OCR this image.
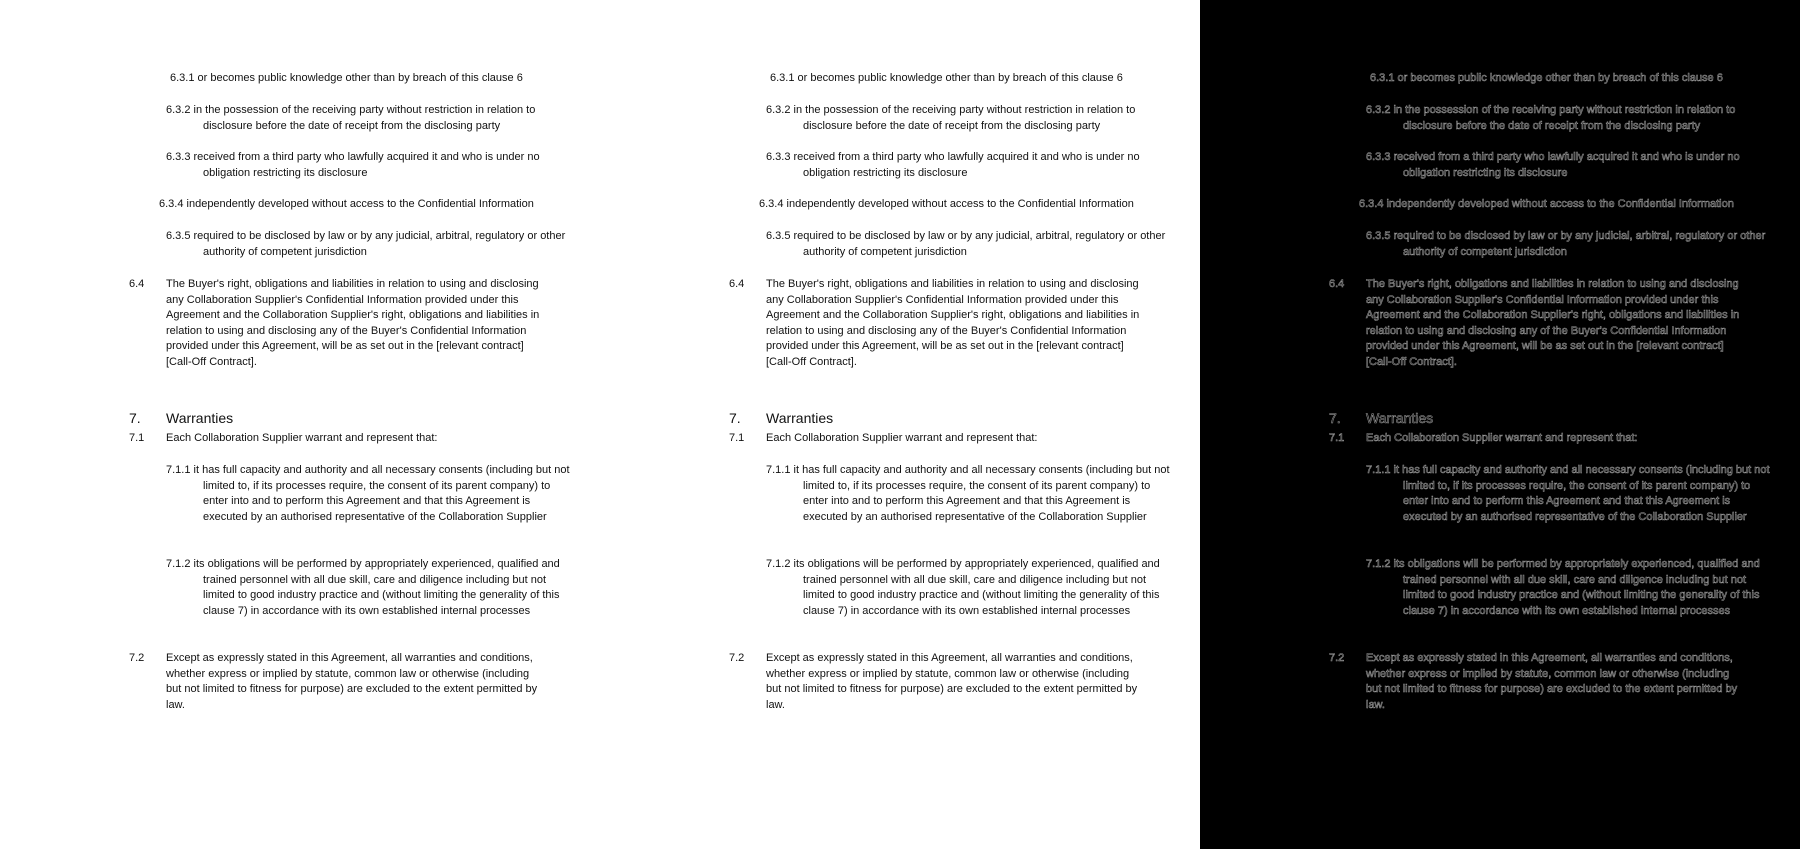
6.3.1 or becomes public knowledge other than by breach of this clause 6
6.3.2 in the possession of the receiving party without restriction in relation to disclosure before the date of receipt from the disclosing party
6.3.3 received from a third party who lawfully acquired it and who is under no obligation restricting its disclosure
6.3.4 independently developed without access to the Confidential Information
6.3.5 required to be disclosed by law or by any judicial, arbitral, regulatory or other authority of competent jurisdiction
6.4 The Buyer's right, obligations and liabilities in relation to using and disclosing any Collaboration Supplier's Confidential Information provided under this Agreement and the Collaboration Supplier's right, obligations and liabilities in relation to using and disclosing any of the Buyer's Confidential Information provided under this Agreement, will be as set out in the [relevant contract] [Call-Off Contract].
7. Warranties
7.1 Each Collaboration Supplier warrant and represent that:
7.1.1 it has full capacity and authority and all necessary consents (including but not limited to, if its processes require, the consent of its parent company) to enter into and to perform this Agreement and that this Agreement is executed by an authorised representative of the Collaboration Supplier
7.1.2 its obligations will be performed by appropriately experienced, qualified and trained personnel with all due skill, care and diligence including but not limited to good industry practice and (without limiting the generality of this clause 7) in accordance with its own established internal processes
7.2 Except as expressly stated in this Agreement, all warranties and conditions, whether express or implied by statute, common law or otherwise (including but not limited to fitness for purpose) are excluded to the extent permitted by law.
6.3.1 or becomes public knowledge other than by breach of this clause 6
6.3.2 in the possession of the receiving party without restriction in relation to disclosure before the date of receipt from the disclosing party
6.3.3 received from a third party who lawfully acquired it and who is under no obligation restricting its disclosure
6.3.4 independently developed without access to the Confidential Information
6.3.5 required to be disclosed by law or by any judicial, arbitral, regulatory or other authority of competent jurisdiction
6.4 The Buyer's right, obligations and liabilities in relation to using and disclosing any Collaboration Supplier's Confidential Information provided under this Agreement and the Collaboration Supplier's right, obligations and liabilities in relation to using and disclosing any of the Buyer's Confidential Information provided under this Agreement, will be as set out in the [relevant contract] [Call-Off Contract].
7. Warranties
7.1 Each Collaboration Supplier warrant and represent that:
7.1.1 it has full capacity and authority and all necessary consents (including but not limited to, if its processes require, the consent of its parent company) to enter into and to perform this Agreement and that this Agreement is executed by an authorised representative of the Collaboration Supplier
7.1.2 its obligations will be performed by appropriately experienced, qualified and trained personnel with all due skill, care and diligence including but not limited to good industry practice and (without limiting the generality of this clause 7) in accordance with its own established internal processes
7.2 Except as expressly stated in this Agreement, all warranties and conditions, whether express or implied by statute, common law or otherwise (including but not limited to fitness for purpose) are excluded to the extent permitted by law.
6.3.1 or becomes public knowledge other than by breach of this clause 6
6.3.2 in the possession of the receiving party without restriction in relation to disclosure before the date of receipt from the disclosing party
6.3.3 received from a third party who lawfully acquired it and who is under no obligation restricting its disclosure
6.3.4 independently developed without access to the Confidential Information
6.3.5 required to be disclosed by law or by any judicial, arbitral, regulatory or other authority of competent jurisdiction
6.4 The Buyer's right, obligations and liabilities in relation to using and disclosing any Collaboration Supplier's Confidential Information provided under this Agreement and the Collaboration Supplier's right, obligations and liabilities in relation to using and disclosing any of the Buyer's Confidential Information provided under this Agreement, will be as set out in the [relevant contract] [Call-Off Contract].
7. Warranties
7.1 Each Collaboration Supplier warrant and represent that:
7.1.1 it has full capacity and authority and all necessary consents (including but not limited to, if its processes require, the consent of its parent company) to enter into and to perform this Agreement and that this Agreement is executed by an authorised representative of the Collaboration Supplier
7.1.2 its obligations will be performed by appropriately experienced, qualified and trained personnel with all due skill, care and diligence including but not limited to good industry practice and (without limiting the generality of this clause 7) in accordance with its own established internal processes
7.2 Except as expressly stated in this Agreement, all warranties and conditions, whether express or implied by statute, common law or otherwise (including but not limited to fitness for purpose) are excluded to the extent permitted by law.
